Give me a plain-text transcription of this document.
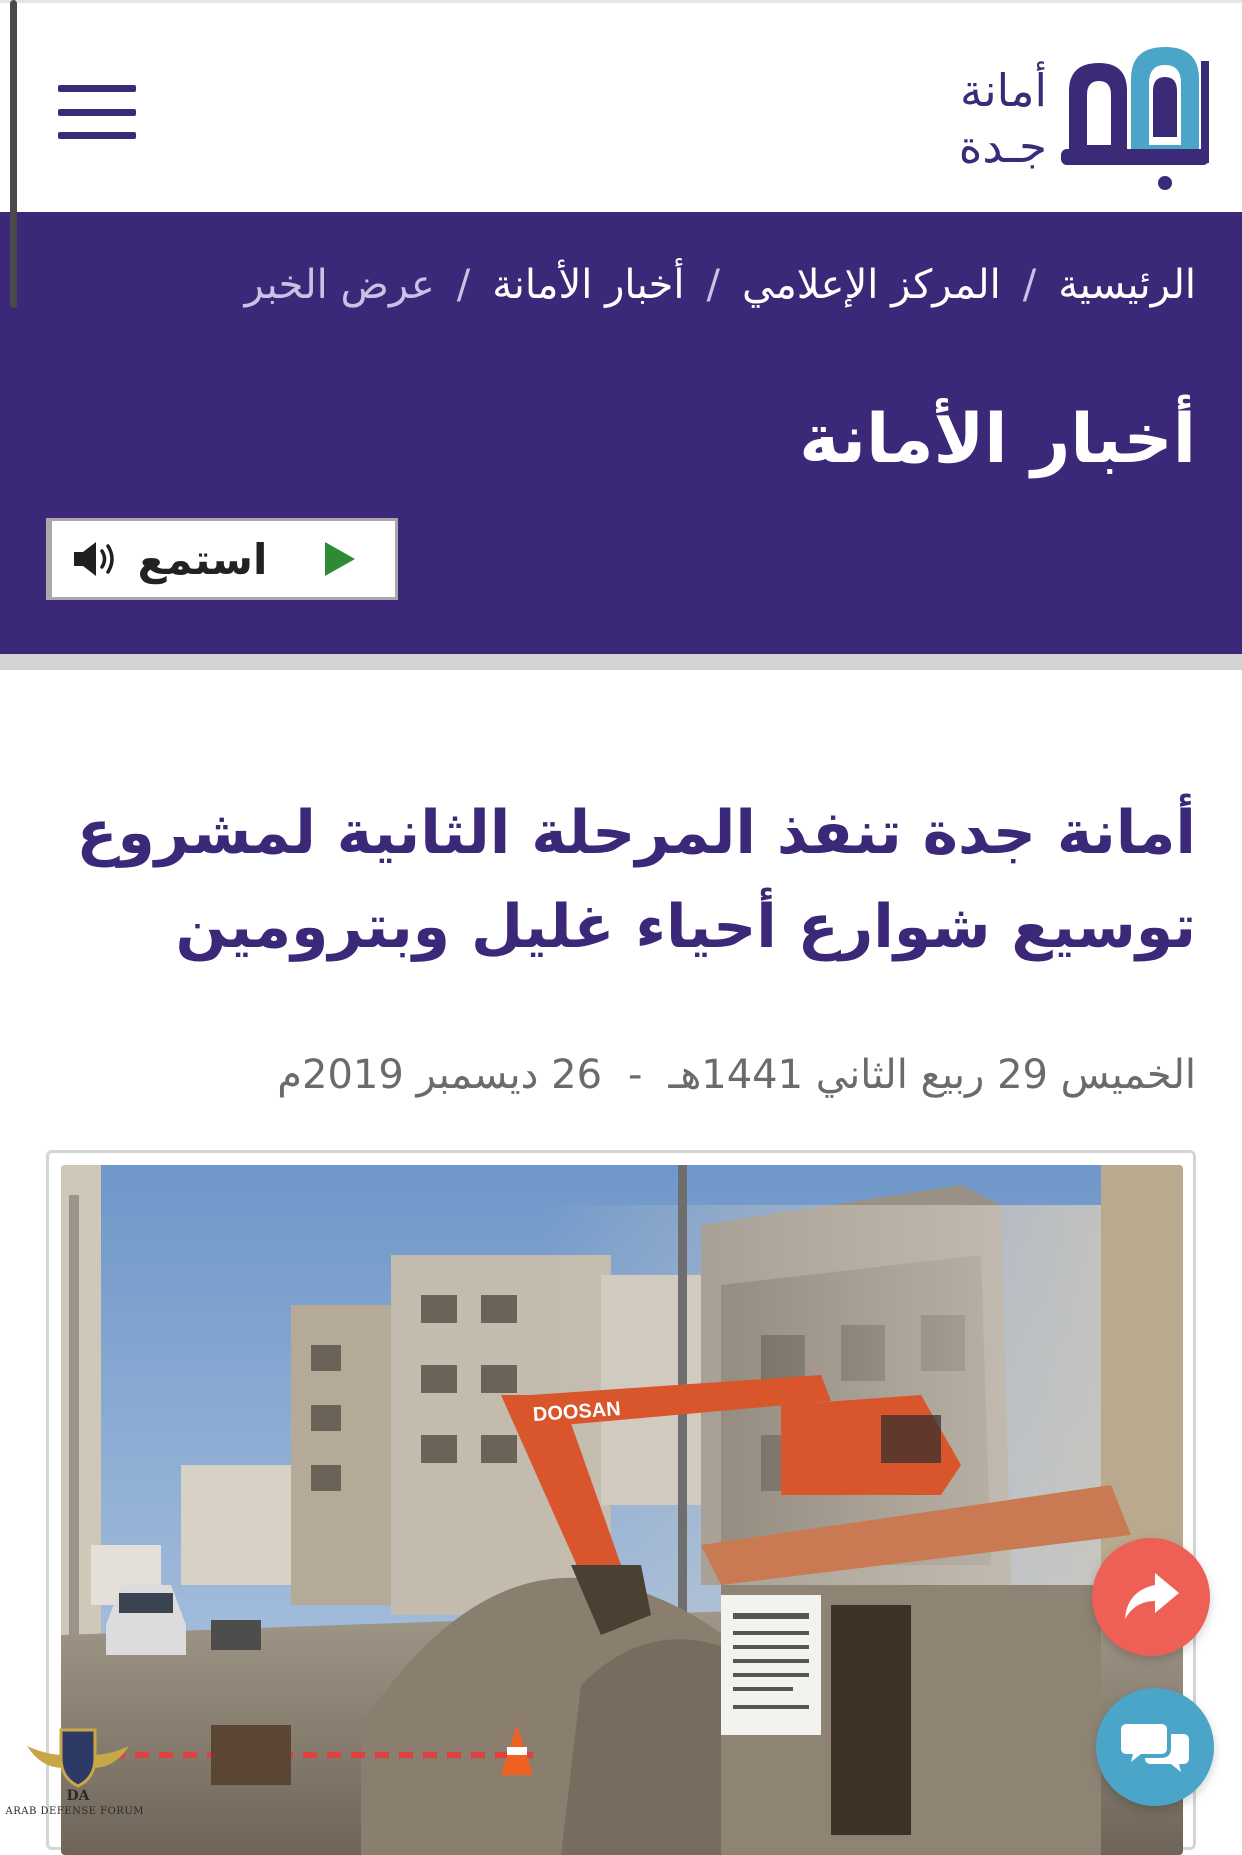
أمانة
جـدة
الرئيسية
/
المركز الإعلامي
/
أخبار الأمانة
/
عرض الخبر
أخبار الأمانة
استمع
أمانة جدة تنفذ المرحلة الثانية لمشروع
توسيع شوارع أحياء غليل وبترومين
الخميس 29 ربيع الثاني 1441هـ
-
26 ديسمبر 2019م
DOOSAN
DA
ARAB DEFENSE FORUM
